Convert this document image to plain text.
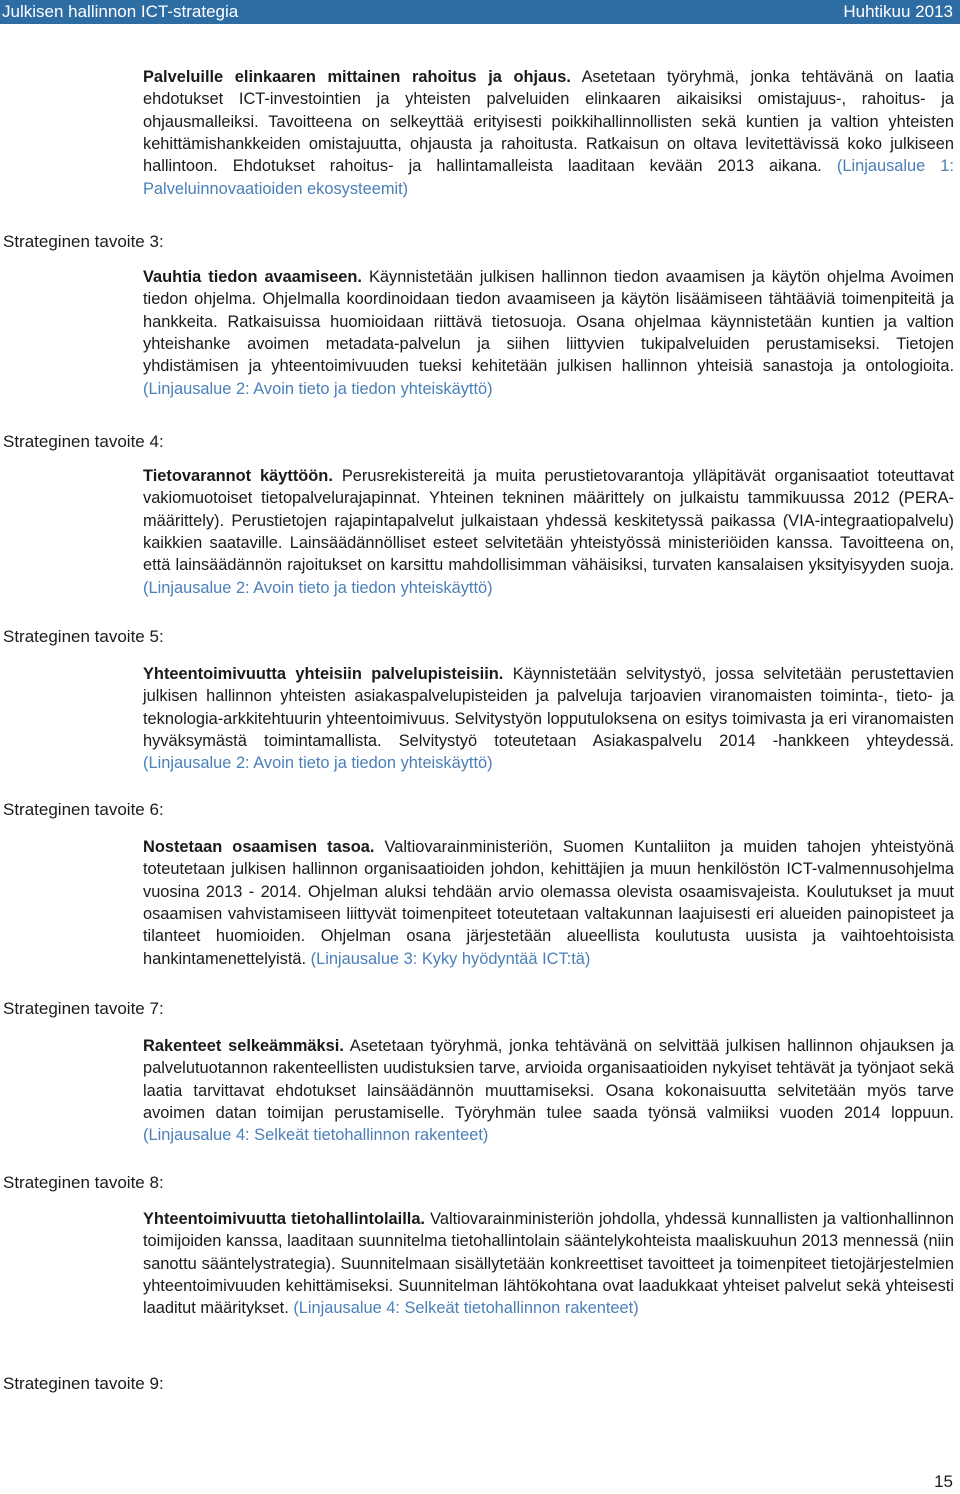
Julkisen hallinnon ICT-strategia	Huhtikuu 2013
Strateginen tavoite 3:
Strateginen tavoite 4:
Strateginen tavoite 5:
Strateginen tavoite 6:
Strateginen tavoite 7:
Strateginen tavoite 8:
Strateginen tavoite 9:
Palveluille elinkaaren mittainen rahoitus ja ohjaus. Asetetaan työryhmä, jonka tehtävänä on laatia ehdotukset ICT-investointien ja yhteisten palveluiden elinkaaren aikaisiksi omistajuus-, rahoitus- ja ohjausmalleiksi. Tavoitteena on selkeyttää erityisesti poikkihallinnollisten sekä kuntien ja valtion yhteisten kehittämishankkeiden omistajuutta, ohjausta ja rahoitusta. Ratkaisun on oltava levitettävissä koko julkiseen hallintoon. Ehdotukset rahoitus- ja hallintamalleista laaditaan kevään 2013 aikana. (Linjausalue 1: Palveluinnovaatioiden ekosysteemit)
Vauhtia tiedon avaamiseen. Käynnistetään julkisen hallinnon tiedon avaamisen ja käytön ohjelma Avoimen tiedon ohjelma. Ohjelmalla koordinoidaan tiedon avaamiseen ja käytön lisäämiseen tähtääviä toimenpiteitä ja hankkeita. Ratkaisuissa huomioidaan riittävä tietosuoja. Osana ohjelmaa käynnistetään kuntien ja valtion yhteishanke avoimen metadata-palvelun ja siihen liittyvien tukipalveluiden perustamiseksi. Tietojen yhdistämisen ja yhteentoimivuuden tueksi kehitetään julkisen hallinnon yhteisiä sanastoja ja ontologioita. (Linjausalue 2: Avoin tieto ja tiedon yhteiskäyttö)
Tietovarannot käyttöön. Perusrekistereitä ja muita perustietovarantoja ylläpitävät organisaatiot toteuttavat vakiomuotoiset tietopalvelurajapinnat. Yhteinen tekninen määrittely on julkaistu tammikuussa 2012 (PERA-määrittely). Perustietojen rajapintapalvelut julkaistaan yhdessä keskitetyssä paikassa (VIA-integraatiopalvelu) kaikkien saataville. Lainsäädännölliset esteet selvitetään yhteistyössä ministeriöiden kanssa. Tavoitteena on, että lainsäädännön rajoitukset on karsittu mahdollisimman vähäisiksi, turvaten kansalaisen yksityisyyden suoja. (Linjausalue 2: Avoin tieto ja tiedon yhteiskäyttö)
Yhteentoimivuutta yhteisiin palvelupisteisiin. Käynnistetään selvitystyö, jossa selvitetään perustettavien julkisen hallinnon yhteisten asiakaspalvelupisteiden ja palveluja tarjoavien viranomaisten toiminta-, tieto- ja teknologia-arkkitehtuurin yhteentoimivuus. Selvitystyön lopputuloksena on esitys toimivasta ja eri viranomaisten hyväksymästä toimintamallista. Selvitystyö toteutetaan Asiakaspalvelu 2014 -hankkeen yhteydessä. (Linjausalue 2: Avoin tieto ja tiedon yhteiskäyttö)
Nostetaan osaamisen tasoa. Valtiovarainministeriön, Suomen Kuntaliiton ja muiden tahojen yhteistyönä toteutetaan julkisen hallinnon organisaatioiden johdon, kehittäjien ja muun henkilöstön ICT-valmennusohjelma vuosina 2013 - 2014. Ohjelman aluksi tehdään arvio olemassa olevista osaamisvajeista. Koulutukset ja muut osaamisen vahvistamiseen liittyvät toimenpiteet toteutetaan valtakunnan laajuisesti eri alueiden painopisteet ja tilanteet huomioiden. Ohjelman osana järjestetään alueellista koulutusta uusista ja vaihtoehtoisista hankintamenettelyistä. (Linjausalue 3: Kyky hyödyntää ICT:tä)
Rakenteet selkeämmäksi. Asetetaan työryhmä, jonka tehtävänä on selvittää julkisen hallinnon ohjauksen ja palvelutuotannon rakenteellisten uudistuksien tarve, arvioida organisaatioiden nykyiset tehtävät ja työnjaot sekä laatia tarvittavat ehdotukset lainsäädännön muuttamiseksi. Osana kokonaisuutta selvitetään myös tarve avoimen datan toimijan perustamiselle. Työryhmän tulee saada työnsä valmiiksi vuoden 2014 loppuun. (Linjausalue 4: Selkeät tietohallinnon rakenteet)
Yhteentoimivuutta tietohallintolailla. Valtiovarainministeriön johdolla, yhdessä kunnallisten ja valtionhallinnon toimijoiden kanssa, laaditaan suunnitelma tietohallintolain sääntelykohteista maaliskuuhun 2013 mennessä (niin sanottu sääntelystrategia). Suunnitelmaan sisällytetään konkreettiset tavoitteet ja toimenpiteet tietojärjestelmien yhteentoimivuuden kehittämiseksi. Suunnitelman lähtökohtana ovat laadukkaat yhteiset palvelut sekä yhteisesti laaditut määritykset. (Linjausalue 4: Selkeät tietohallinnon rakenteet)
15
